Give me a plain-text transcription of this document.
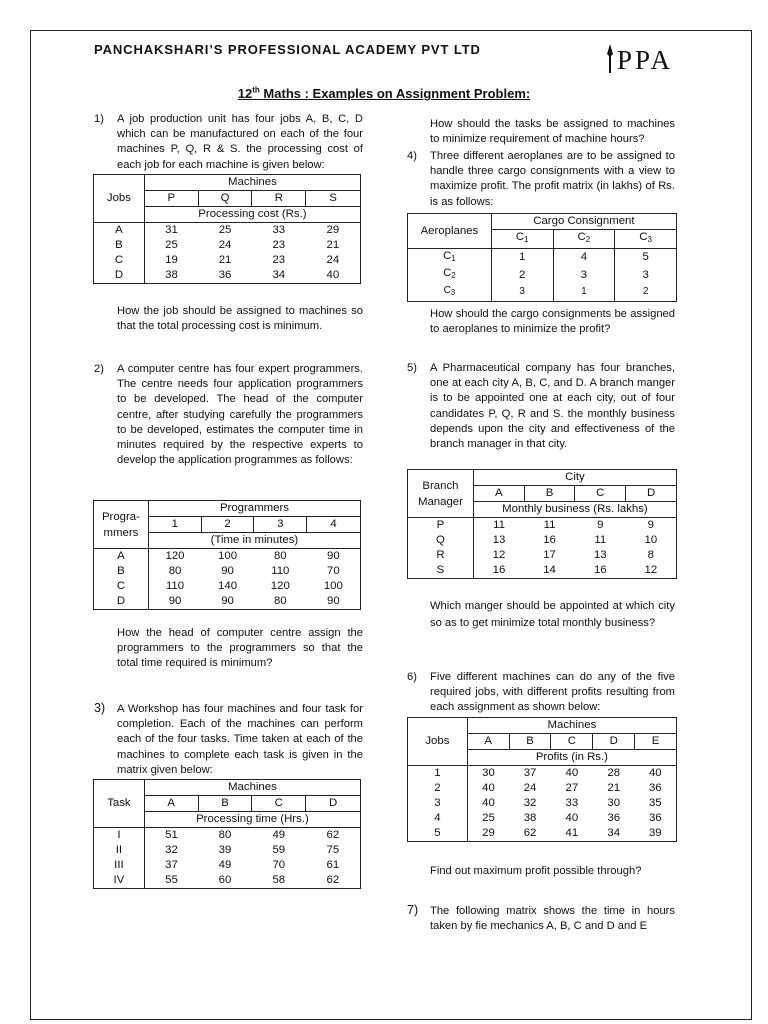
PANCHAKSHARI’S PROFESSIONAL ACADEMY PVT LTD	PPA
12th Maths : Examples on Assignment Problem:
1) A job production unit has four jobs A, B, C, D which can be manufactured on each of the four machines P, Q, R & S. the processing cost of each job for each machine is given below:

Jobs	Machines			
	P	Q	R	S
	Processing cost (Rs.)			
A	31	25	33	29
B	25	24	23	21
C	19	21	23	24
D	38	36	34	40

How the job should be assigned to machines so that the total processing cost is minimum.

2) A computer centre has four expert programmers. The centre needs four application programmers to be developed. The head of the computer centre, after studying carefully the programmers to be developed, estimates the computer time in minutes required by the respective experts to develop the application programmes as follows:

Progra-
mmers	Programmers			
	1	2	3	4
	(Time in minutes)			
A	120	100	80	90
B	80	90	110	70
C	110	140	120	100
D	90	90	80	90

How the head of computer centre assign the programmers to the programmers so that the total time required is minimum?

3) A Workshop has four machines and four task for completion. Each of the machines can perform each of the four tasks. Time taken at each of the machines to complete each task is given in the matrix given below:

Task	Machines			
	A	B	C	D
	Processing time (Hrs.)			
I	51	80	49	62
II	32	39	59	75
III	37	49	70	61
IV	55	60	58	62

How should the tasks be assigned to machines to minimize requirement of machine hours?

4) Three different aeroplanes are to be assigned to handle three cargo consignments with a view to maximize profit. The profit matrix (in lakhs) of Rs. is as follows:

Aeroplanes	Cargo Consignment		
	$C_1$	$C_2$	$C_3$
$C_1$	1	4	5
$C_2$	2	3	3
$C_3$	3	1	2

How should the cargo consignments be assigned to aeroplanes to minimize the profit?

5) A Pharmaceutical company has four branches, one at each city A, B, C, and D. A branch manger is to be appointed one at each city, out of four candidates P, Q, R and S. the monthly business depends upon the city and effectiveness of the branch manager in that city.

Branch
Manager	City			
	A	B	C	D
	Monthly business (Rs. lakhs)			
P	11	11	9	9
Q	13	16	11	10
R	12	17	13	8
S	16	14	16	12

Which manger should be appointed at which city so as to get minimize total monthly business?

6) Five different machines can do any of the five required jobs, with different profits resulting from each assignment as shown below:

Jobs	Machines				
	A	B	C	D	E
	Profits (in Rs.)				
1	30	37	40	28	40
2	40	24	27	21	36
3	40	32	33	30	35
4	25	38	40	36	36
5	29	62	41	34	39

Find out maximum profit possible through?

7) The following matrix shows the time in hours taken by fie mechanics A, B, C and D and E
